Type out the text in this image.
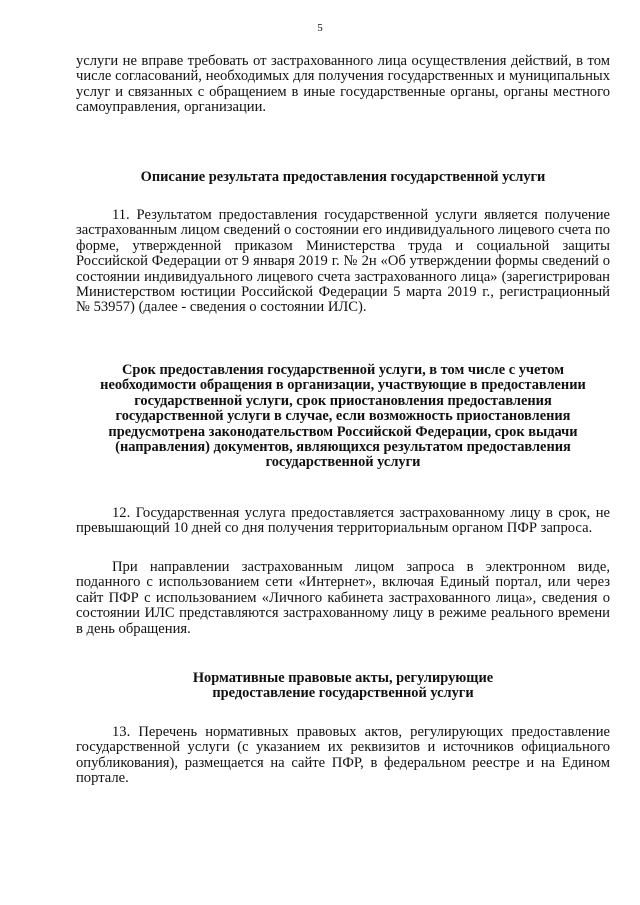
5

услуги не вправе требовать от застрахованного лица осуществления действий, в том числе согласований, необходимых для получения государственных и муниципальных услуг и связанных с обращением в иные государственные органы, органы местного самоуправления, организации.

Описание результата предоставления государственной услуги

11. Результатом предоставления государственной услуги является получение застрахованным лицом сведений о состоянии его индивидуального лицевого счета по форме, утвержденной приказом Министерства труда и социальной защиты Российской Федерации от 9 января 2019 г. № 2н «Об утверждении формы сведений о состоянии индивидуального лицевого счета застрахованного лица» (зарегистрирован Министерством юстиции Российской Федерации 5 марта 2019 г., регистрационный № 53957) (далее - сведения о состоянии ИЛС).

Срок предоставления государственной услуги, в том числе с учетом необходимости обращения в организации, участвующие в предоставлении государственной услуги, срок приостановления предоставления государственной услуги в случае, если возможность приостановления предусмотрена законодательством Российской Федерации, срок выдачи (направления) документов, являющихся результатом предоставления государственной услуги

12. Государственная услуга предоставляется застрахованному лицу в срок, не превышающий 10 дней со дня получения территориальным органом ПФР запроса.

При направлении застрахованным лицом запроса в электронном виде, поданного с использованием сети «Интернет», включая Единый портал, или через сайт ПФР с использованием «Личного кабинета застрахованного лица», сведения о состоянии ИЛС представляются застрахованному лицу в режиме реального времени в день обращения.

Нормативные правовые акты, регулирующие
предоставление государственной услуги

13. Перечень нормативных правовых актов, регулирующих предоставление государственной услуги (с указанием их реквизитов и источников официального опубликования), размещается на сайте ПФР, в федеральном реестре и на Едином портале.
